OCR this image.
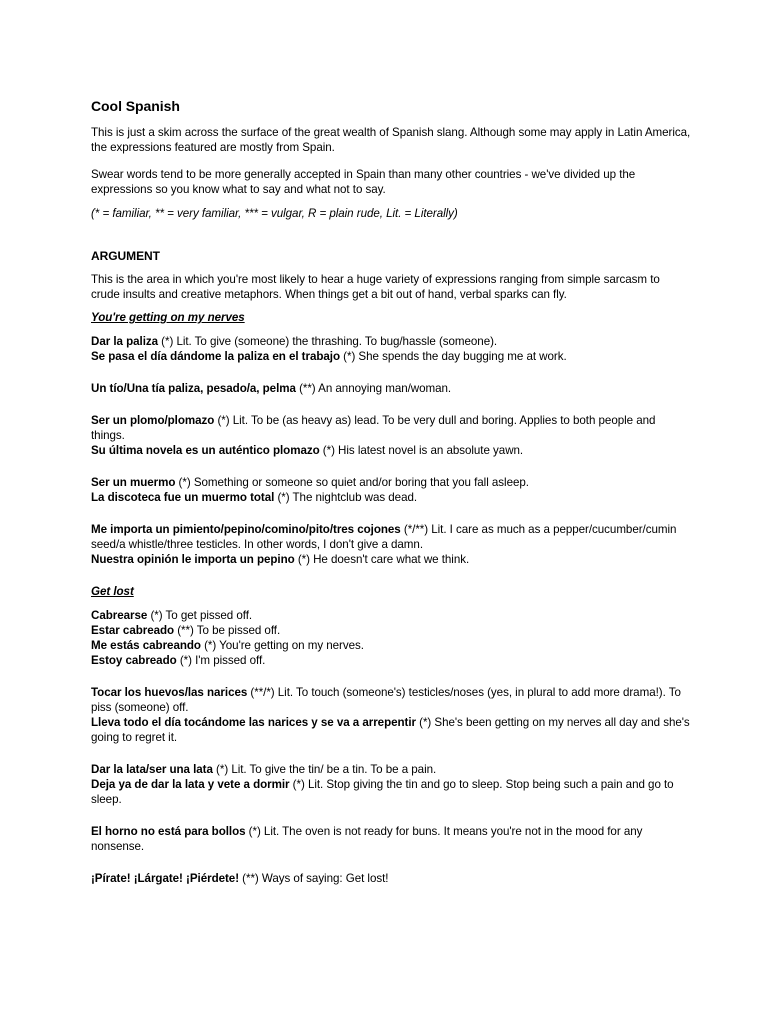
Cool Spanish

This is just a skim across the surface of the great wealth of Spanish slang. Although some may apply in Latin America, the expressions featured are mostly from Spain.

Swear words tend to be more generally accepted in Spain than many other countries - we've divided up the expressions so you know what to say and what not to say.

(* = familiar, ** = very familiar, *** = vulgar, R = plain rude, Lit. = Literally)

ARGUMENT

This is the area in which you're most likely to hear a huge variety of expressions ranging from simple sarcasm to crude insults and creative metaphors. When things get a bit out of hand, verbal sparks can fly.

You're getting on my nerves
Dar la paliza (*) Lit. To give (someone) the thrashing. To bug/hassle (someone).
Se pasa el día dándome la paliza en el trabajo (*) She spends the day bugging me at work.
Un tío/Una tía paliza, pesado/a, pelma (**) An annoying man/woman.
Ser un plomo/plomazo (*) Lit. To be (as heavy as) lead. To be very dull and boring. Applies to both people and things.
Su última novela es un auténtico plomazo (*) His latest novel is an absolute yawn.
Ser un muermo (*) Something or someone so quiet and/or boring that you fall asleep.
La discoteca fue un muermo total (*) The nightclub was dead.
Me importa un pimiento/pepino/comino/pito/tres cojones (*/**) Lit. I care as much as a pepper/cucumber/cumin seed/a whistle/three testicles. In other words, I don't give a damn.
Nuestra opinión le importa un pepino (*) He doesn't care what we think.
Get lost
Cabrearse (*) To get pissed off.
Estar cabreado (**) To be pissed off.
Me estás cabreando (*) You're getting on my nerves.
Estoy cabreado (*) I'm pissed off.
Tocar los huevos/las narices (**/*) Lit. To touch (someone's) testicles/noses (yes, in plural to add more drama!). To piss (someone) off.
Lleva todo el día tocándome las narices y se va a arrepentir (*) She's been getting on my nerves all day and she's going to regret it.
Dar la lata/ser una lata (*) Lit. To give the tin/ be a tin. To be a pain.
Deja ya de dar la lata y vete a dormir (*) Lit. Stop giving the tin and go to sleep. Stop being such a pain and go to sleep.
El horno no está para bollos (*) Lit. The oven is not ready for buns. It means you're not in the mood for any nonsense.
¡Pírate! ¡Lárgate! ¡Piérdete! (**) Ways of saying: Get lost!
